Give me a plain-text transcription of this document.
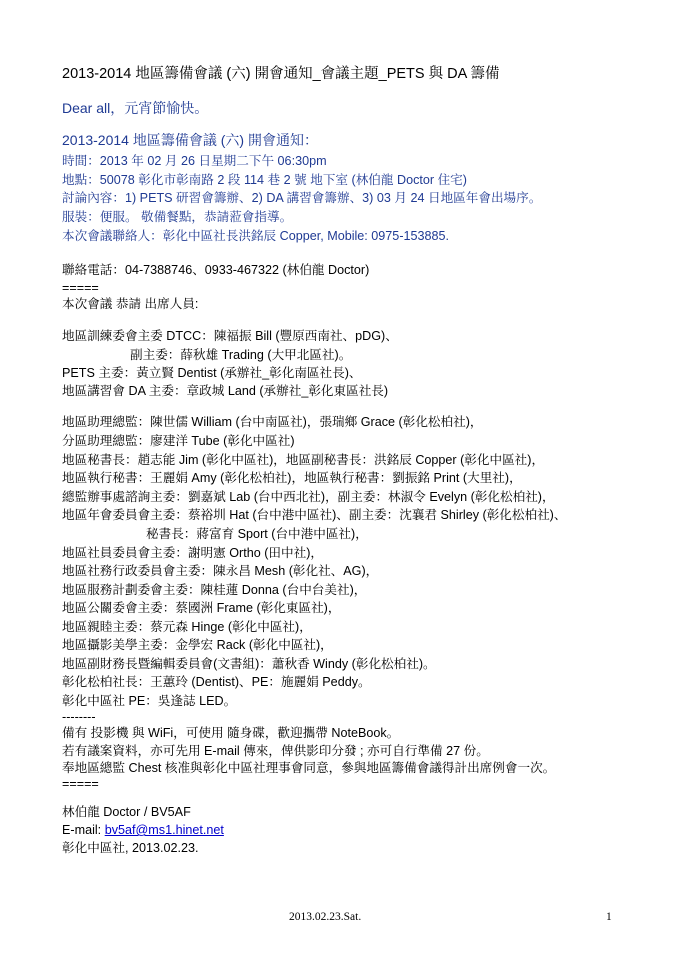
2013-2014 地區籌備會議 (六) 開會通知_會議主題_PETS 與 DA 籌備
Dear all，元宵節愉快。
2013-2014 地區籌備會議 (六) 開會通知：
時間：2013 年 02 月 26 日星期二下午 06:30pm
地點：50078 彰化市彰南路 2 段 114 巷 2 號 地下室 (林伯龍 Doctor 住宅)
討論內容：1) PETS 研習會籌辦、2) DA 講習會籌辦、3) 03 月 24 日地區年會出場序。
服裝：便服。 敬備餐點，恭請蒞會指導。
本次會議聯絡人：彰化中區社長洪銘辰 Copper, Mobile: 0975-153885.
聯絡電話：04-7388746、0933-467322 (林伯龍 Doctor)
=====
本次會議 恭請 出席人員:
地區訓練委會主委 DTCC：陳福振 Bill (豐原西南社、pDG)、
副主委：薛秋雄 Trading (大甲北區社)。
PETS 主委：黃立賢 Dentist (承辦社_彰化南區社長)、
地區講習會 DA 主委：章政城 Land (承辦社_彰化東區社長)
地區助理總監：陳世儒 William (台中南區社)，張瑞鄉 Grace (彰化松柏社)，
分區助理總監：廖建洋 Tube (彰化中區社)
地區秘書長：趙志能 Jim (彰化中區社)，地區副秘書長：洪銘辰 Copper (彰化中區社)，
地區執行秘書：王麗娟 Amy (彰化松柏社)，地區執行秘書：劉振銘 Print (大里社)，
總監辦事處諮詢主委：劉嘉斌 Lab (台中西北社)，副主委：林淑令 Evelyn (彰化松柏社)，
地區年會委員會主委：蔡裕圳 Hat (台中港中區社)、副主委：沈襄君 Shirley (彰化松柏社)、
秘書長：蔣富育 Sport (台中港中區社)，
地區社員委員會主委：謝明憲 Ortho (田中社)，
地區社務行政委員會主委：陳永昌 Mesh (彰化社、AG)，
地區服務計劃委會主委：陳桂蓮 Donna (台中台美社)，
地區公關委會主委：蔡國洲 Frame (彰化東區社)，
地區親睦主委：蔡元森 Hinge (彰化中區社)，
地區攝影美學主委：金學宏 Rack (彰化中區社)，
地區副財務長暨編輯委員會(文書組)：蕭秋香 Windy (彰化松柏社)。
彰化松柏社長：王蕙玲 (Dentist)、PE：施麗娟 Peddy。
彰化中區社 PE：吳逢誌 LED。
--------
備有 投影機 與 WiFi，可使用 隨身碟，歡迎攜帶 NoteBook。
若有議案資料，亦可先用 E-mail 傳來，俾供影印分發 ; 亦可自行準備 27 份。
奉地區總監 Chest 核准與彰化中區社理事會同意，參與地區籌備會議得計出席例會一次。
=====
林伯龍 Doctor / BV5AF
E-mail: bv5af@ms1.hinet.net
彰化中區社, 2013.02.23.
2013.02.23.Sat.	1
